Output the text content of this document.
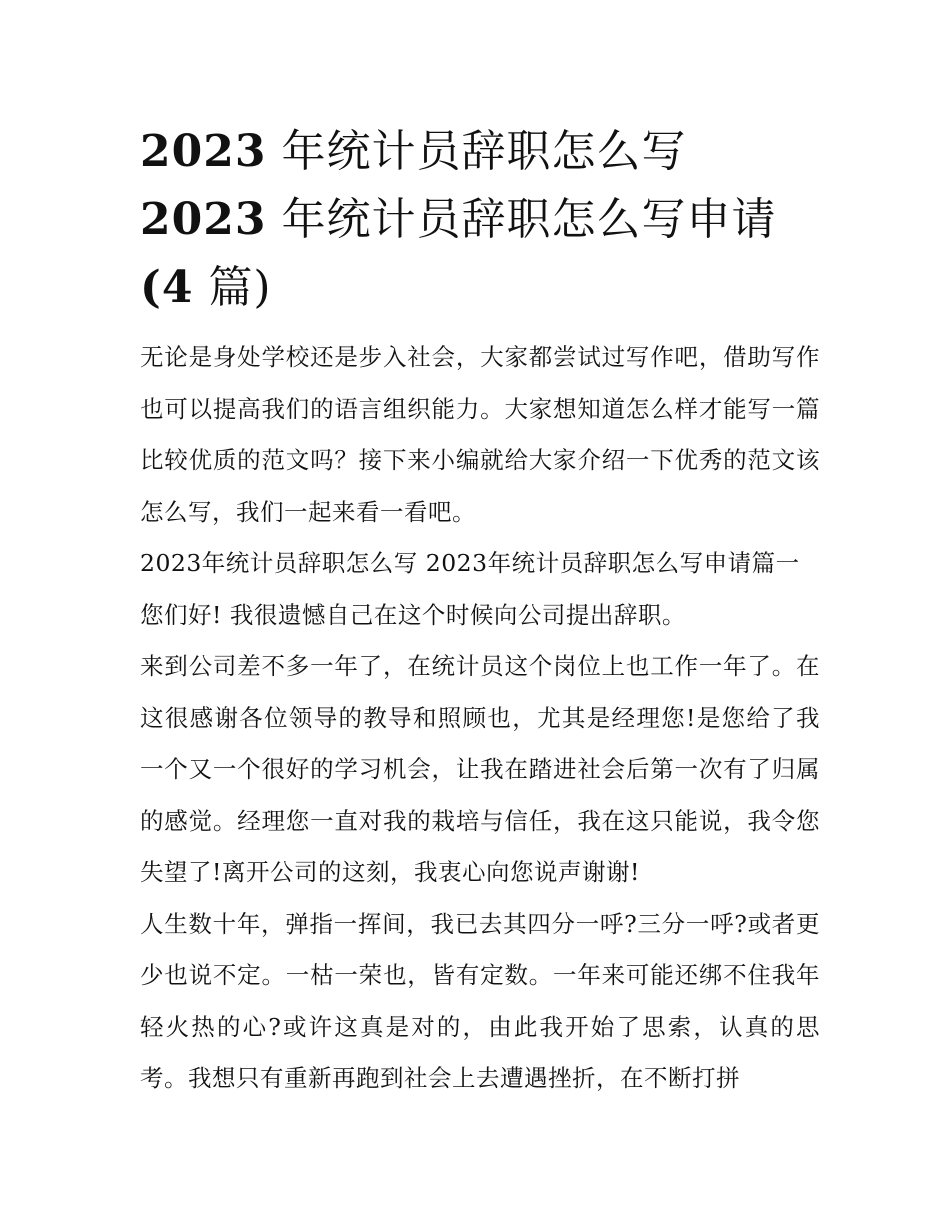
2023 年统计员辞职怎么写
2023 年统计员辞职怎么写申请
(4 篇)

无论是身处学校还是步入社会，大家都尝试过写作吧，借助写作也可以提高我们的语言组织能力。大家想知道怎么样才能写一篇比较优质的范文吗？接下来小编就给大家介绍一下优秀的范文该怎么写，我们一起来看一看吧。

2023年统计员辞职怎么写 2023年统计员辞职怎么写申请篇一

您们好! 我很遗憾自己在这个时候向公司提出辞职。

来到公司差不多一年了，在统计员这个岗位上也工作一年了。在这很感谢各位领导的教导和照顾也，尤其是经理您!是您给了我一个又一个很好的学习机会，让我在踏进社会后第一次有了归属的感觉。经理您一直对我的栽培与信任，我在这只能说，我令您失望了!离开公司的这刻，我衷心向您说声谢谢!

人生数十年，弹指一挥间，我已去其四分一呼?三分一呼?或者更少也说不定。一枯一荣也，皆有定数。一年来可能还绑不住我年轻火热的心?或许这真是对的，由此我开始了思索，认真的思考。我想只有重新再跑到社会上去遭遇挫折，在不断打拼
